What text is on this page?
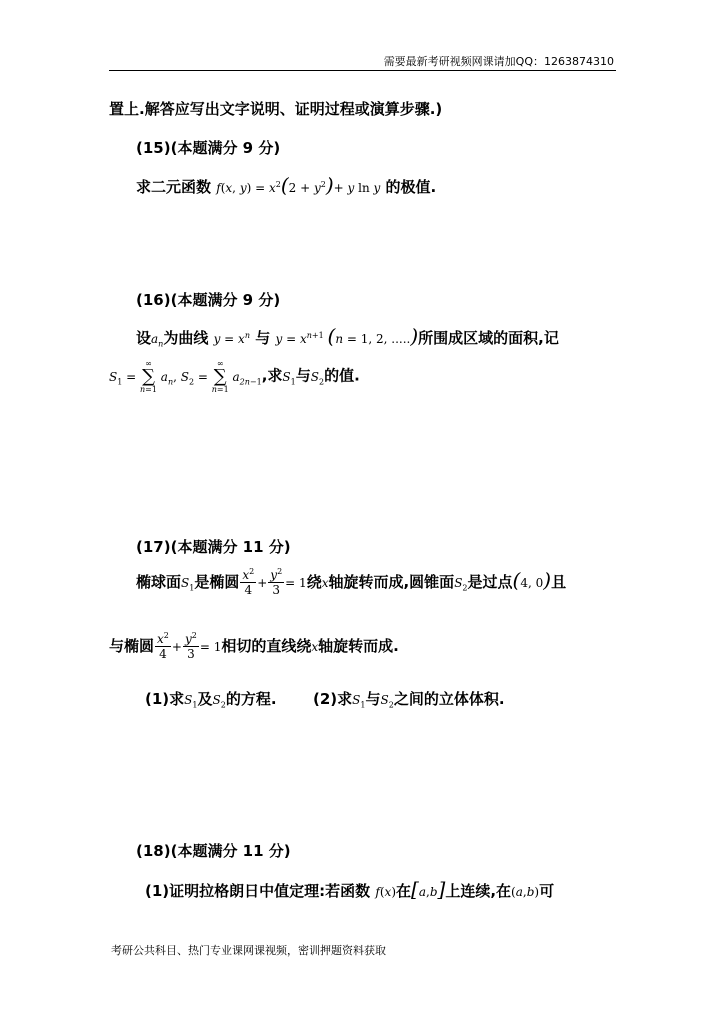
需要最新考研视频网课请加QQ：1263874310
置上.解答应写出文字说明、证明过程或演算步骤.)
(15)(本题满分 9 分)
求二元函数 f(x, $y) = x^2(2 + y^2)+ y$ ln y 的极值.
(16)(本题满分 9 分)
设$a_n$为曲线 $y = x^n$ 与 $y = x^{n+1}$ (n = 1, 2, .....)所围成区域的面积,记
$S_1$ =
∞
∑
n=1
$a_n$, $S_2$ =
∞
∑
n=1
$a_{2n-1}$,求$S_1$与$S_2$的值.
(17)(本题满分 11 分)
椭球面$S_1$是椭圆 $\frac{x^2}{4} + \frac{y^2}{3} = 1$绕x轴旋转而成,圆锥面$S_2$是过点(4, 0)且
与椭圆 $\frac{x^2}{4} + \frac{y^2}{3} = 1$相切的直线绕x轴旋转而成.
(1)求$S_1$及$S_2$的方程. (2)求$S_1$与$S_2$之间的立体体积.
(18)(本题满分 11 分)
(1)证明拉格朗日中值定理:若函数 f(x)在[a,b]上连续,在(a,b)可
考研公共科目、热门专业课网课视频，密训押题资料获取
